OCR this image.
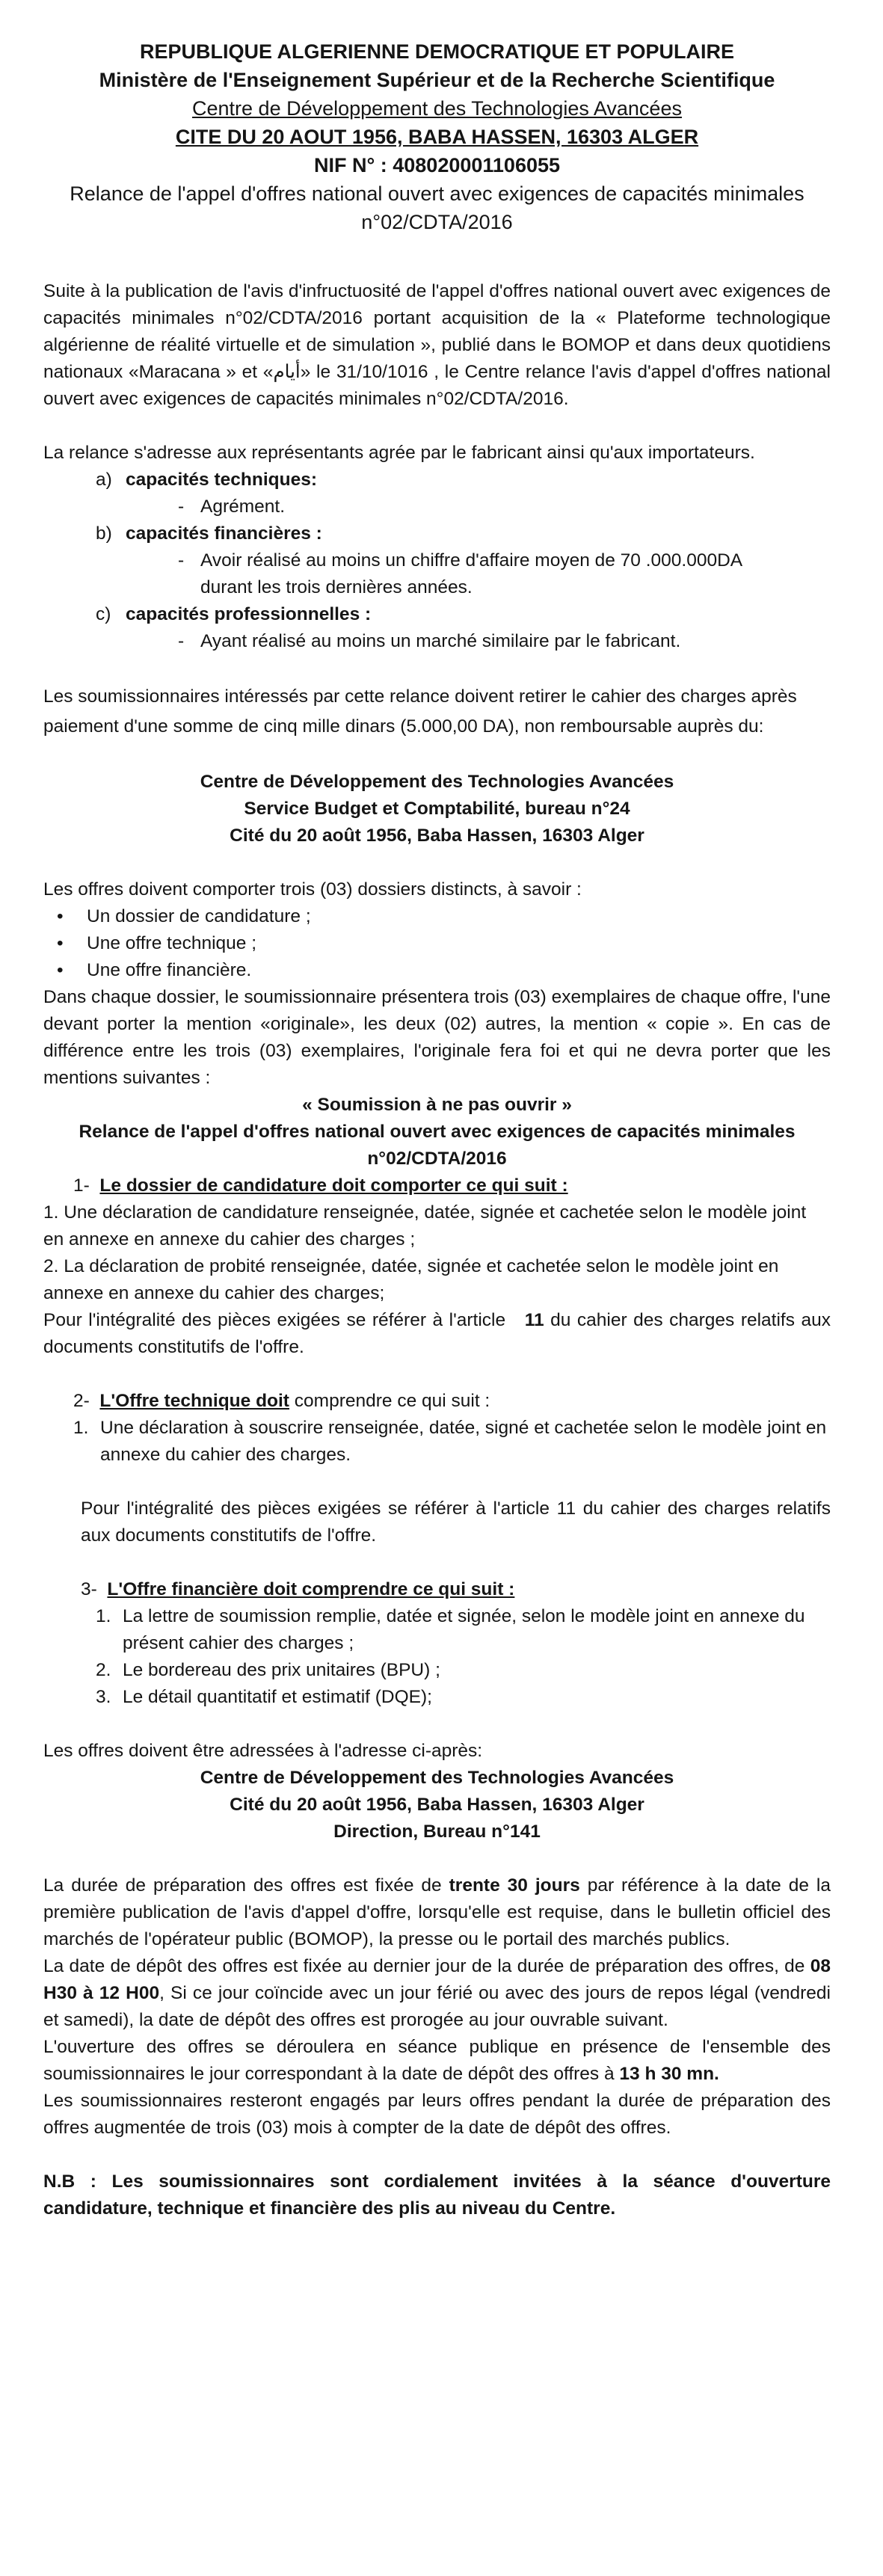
REPUBLIQUE ALGERIENNE DEMOCRATIQUE ET POPULAIRE
Ministère de l'Enseignement Supérieur et de la Recherche Scientifique
Centre de Développement des Technologies Avancées
CITE DU 20 AOUT 1956, BABA HASSEN, 16303 ALGER
NIF N° : 408020001106055
Relance de l'appel d'offres national ouvert avec exigences de capacités minimales
n°02/CDTA/2016

Suite à la publication de l'avis d'infructuosité de l'appel d'offres national ouvert avec exigences de capacités minimales n°02/CDTA/2016 portant acquisition de la « Plateforme technologique algérienne de réalité virtuelle et de simulation », publié dans le BOMOP et dans deux quotidiens nationaux «Maracana » et «أيام» le 31/10/1016 , le Centre relance l'avis d'appel d'offres national ouvert avec exigences de capacités minimales n°02/CDTA/2016.

La relance s'adresse aux représentants agrée par le fabricant ainsi qu'aux importateurs.

a) capacités techniques:
- Agrément.
b) capacités financières :
- Avoir réalisé au moins un chiffre d'affaire moyen de 70 .000.000DA durant les trois dernières années.
c) capacités professionnelles :
- Ayant réalisé au moins un marché similaire par le fabricant.

Les soumissionnaires intéressés par cette relance doivent retirer le cahier des charges après paiement d'une somme de cinq mille dinars (5.000,00 DA), non remboursable auprès du:

Centre de Développement des Technologies Avancées
Service Budget et Comptabilité, bureau n°24
Cité du 20 août 1956, Baba Hassen, 16303 Alger

Les offres doivent comporter trois (03) dossiers distincts, à savoir :

•	Un dossier de candidature ;
•	Une offre technique ;
•	Une offre financière.

Dans chaque dossier, le soumissionnaire présentera trois (03) exemplaires de chaque offre, l'une devant porter la mention «originale», les deux (02) autres, la mention « copie ». En cas de différence entre les trois (03) exemplaires, l'originale fera foi et qui ne devra porter que les mentions suivantes :

« Soumission à ne pas ouvrir »
Relance de l'appel d'offres national ouvert avec exigences de capacités minimales
n°02/CDTA/2016
1- Le dossier de candidature doit comporter ce qui suit :

1. Une déclaration de candidature renseignée, datée, signée et cachetée selon le modèle joint en annexe en annexe du cahier des charges ;

2. La déclaration de probité renseignée, datée, signée et cachetée selon le modèle joint en annexe en annexe du cahier des charges;

Pour l'intégralité des pièces exigées se référer à l'article 11 du cahier des charges relatifs aux documents constitutifs de l'offre.

2- L'Offre technique doit comprendre ce qui suit :
1. Une déclaration à souscrire renseignée, datée, signé et cachetée selon le modèle joint en annexe du cahier des charges.

Pour l'intégralité des pièces exigées se référer à l'article 11 du cahier des charges relatifs aux documents constitutifs de l'offre.

3- L'Offre financière doit comprendre ce qui suit :
1. La lettre de soumission remplie, datée et signée, selon le modèle joint en annexe du présent cahier des charges ;
2. Le bordereau des prix unitaires (BPU) ;
3. Le détail quantitatif et estimatif (DQE);

Les offres doivent être adressées à l'adresse ci-après:

Centre de Développement des Technologies Avancées
Cité du 20 août 1956, Baba Hassen, 16303 Alger
Direction, Bureau n°141

La durée de préparation des offres est fixée de trente 30 jours par référence à la date de la première publication de l'avis d'appel d'offre, lorsqu'elle est requise, dans le bulletin officiel des marchés de l'opérateur public (BOMOP), la presse ou le portail des marchés publics.

La date de dépôt des offres est fixée au dernier jour de la durée de préparation des offres, de 08 H30 à 12 H00, Si ce jour coïncide avec un jour férié ou avec des jours de repos légal (vendredi et samedi), la date de dépôt des offres est prorogée au jour ouvrable suivant.

L'ouverture des offres se déroulera en séance publique en présence de l'ensemble des soumissionnaires le jour correspondant à la date de dépôt des offres à 13 h 30 mn.

Les soumissionnaires resteront engagés par leurs offres pendant la durée de préparation des offres augmentée de trois (03) mois à compter de la date de dépôt des offres.

N.B : Les soumissionnaires sont cordialement invitées à la séance d'ouverture candidature, technique et financière des plis au niveau du Centre.
